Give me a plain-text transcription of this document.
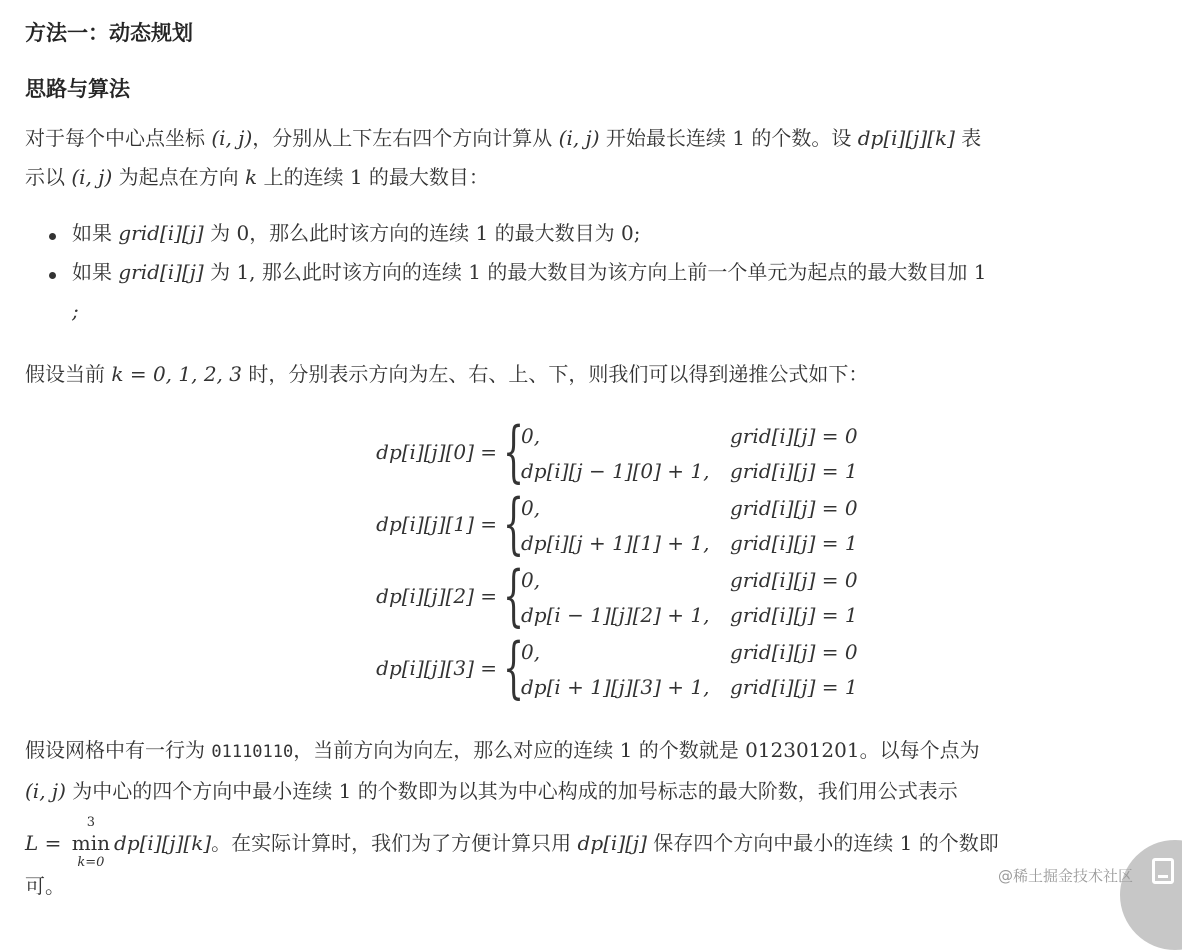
方法一：动态规划
思路与算法
对于每个中心点坐标 (i, j)，分别从上下左右四个方向计算从 (i, j) 开始最长连续 1 的个数。设 dp[i][j][k] 表
示以 (i, j) 为起点在方向 k 上的连续 1 的最大数目：
如果 grid[i][j] 为 0，那么此时该方向的连续 1 的最大数目为 0;
如果 grid[i][j] 为 1, 那么此时该方向的连续 1 的最大数目为该方向上前一个单元为起点的最大数目加 1
;
假设当前 k = 0, 1, 2, 3 时，分别表示方向为左、右、上、下，则我们可以得到递推公式如下：
dp[i][j][0] = {
0,	grid[i][j] = 0
dp[i][j − 1][0] + 1, grid[i][j] = 1
dp[i][j][1] = {
0,	grid[i][j] = 0
dp[i][j + 1][1] + 1, grid[i][j] = 1
dp[i][j][2] = {
0,	grid[i][j] = 0
dp[i − 1][j][2] + 1, grid[i][j] = 1
dp[i][j][3] = {
0,	grid[i][j] = 0
dp[i + 1][j][3] + 1, grid[i][j] = 1
假设网格中有一行为 01110110，当前方向为向左，那么对应的连续 1 的个数就是 012301201。以每个点为
(i, j) 为中心的四个方向中最小连续 1 的个数即为以其为中心构成的加号标志的最大阶数，我们用公式表示
L =
3
min
k=0
dp[i][j][k]。在实际计算时，我们为了方便计算只用 dp[i][j] 保存四个方向中最小的连续 1 的个数即
可。	@稀土掘金技术社区
